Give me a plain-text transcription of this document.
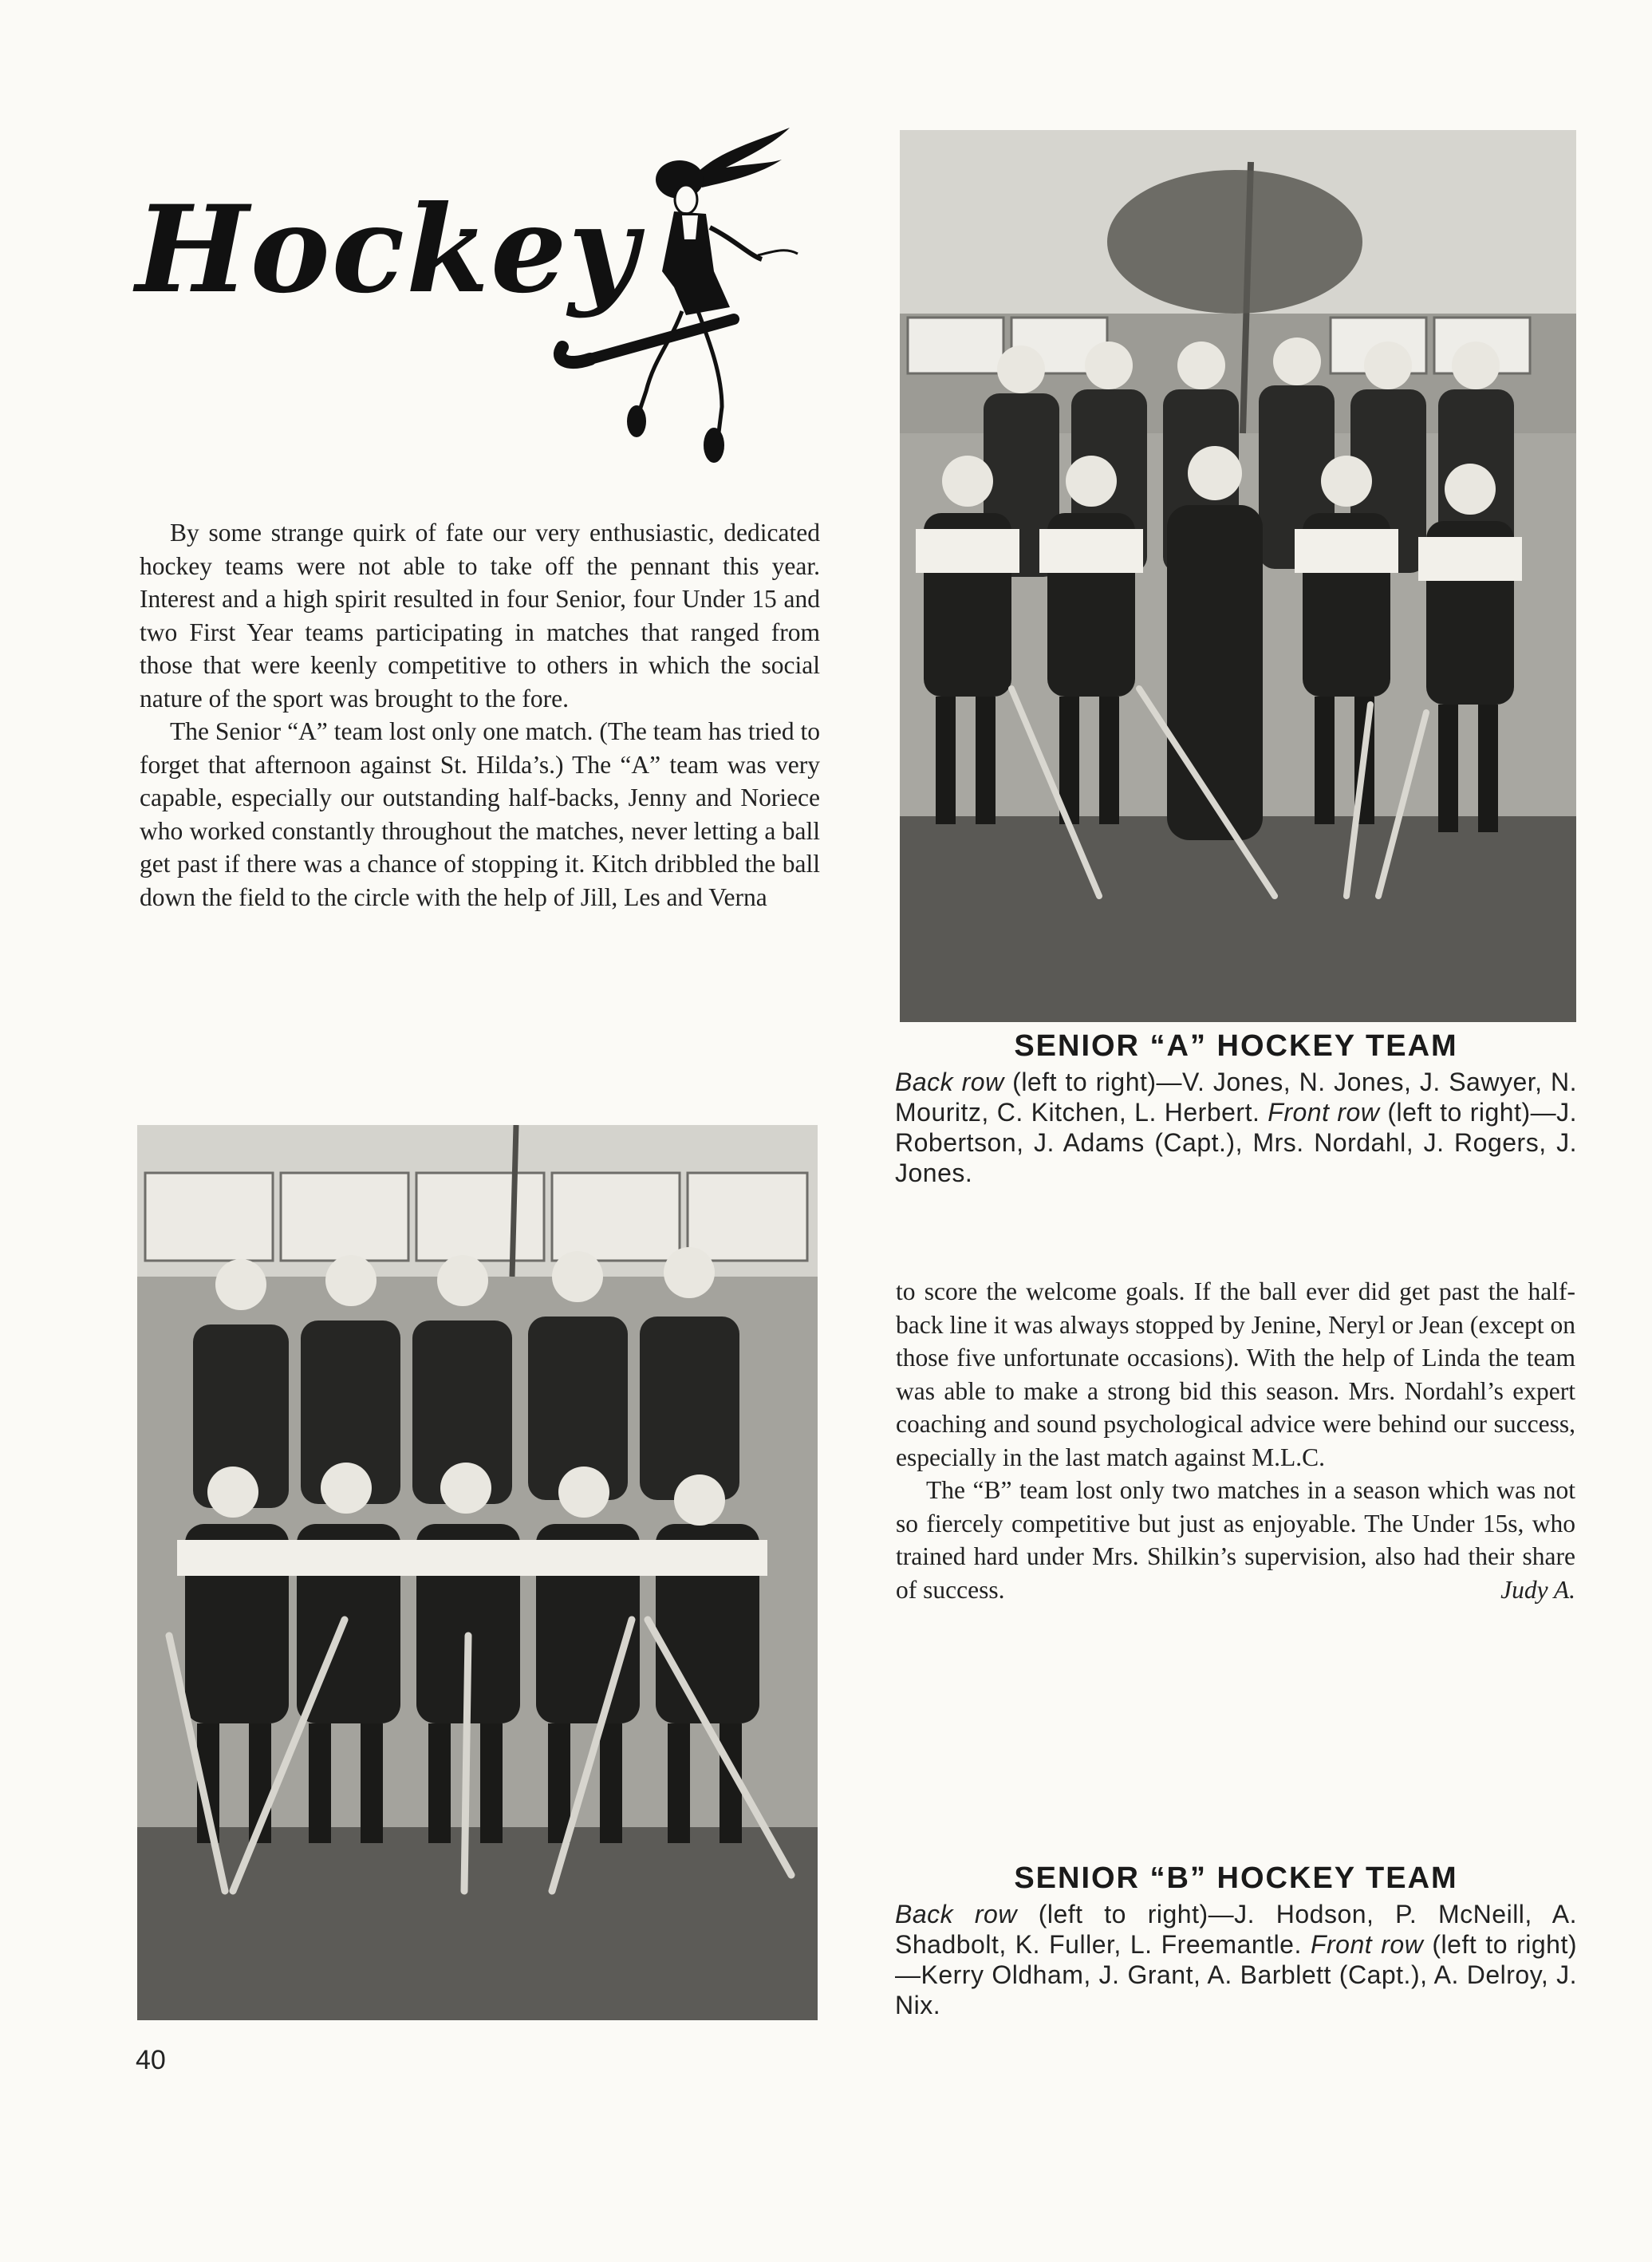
Hockey

By some strange quirk of fate our very enthusiastic, dedicated hockey teams were not able to take off the pennant this year. Interest and a high spirit resulted in four Senior, four Under 15 and two First Year teams participating in matches that ranged from those that were keenly competitive to others in which the social nature of the sport was brought to the fore.

The Senior “A” team lost only one match. (The team has tried to forget that afternoon against St. Hilda’s.) The “A” team was very capable, especially our outstanding half-backs, Jenny and Noriece who worked constantly throughout the matches, never letting a ball get past if there was a chance of stopping it. Kitch dribbled the ball down the field to the circle with the help of Jill, Les and Verna

SENIOR “A” HOCKEY TEAM
Back row (left to right)—V. Jones, N. Jones, J. Sawyer, N. Mouritz, C. Kitchen, L. Herbert. Front row (left to right)—J. Robertson, J. Adams (Capt.), Mrs. Nordahl, J. Rogers, J. Jones.

to score the welcome goals. If the ball ever did get past the half-back line it was always stopped by Jenine, Neryl or Jean (except on those five unfortunate occasions). With the help of Linda the team was able to make a strong bid this season. Mrs. Nordahl’s expert coaching and sound psychological advice were behind our success, especially in the last match against M.L.C.

The “B” team lost only two matches in a season which was not so fiercely competitive but just as enjoyable. The Under 15s, who trained hard under Mrs. Shilkin’s supervision, also had their share of success.	Judy A.
SENIOR “B” HOCKEY TEAM
Back row (left to right)—J. Hodson, P. McNeill, A. Shadbolt, K. Fuller, L. Freemantle. Front row (left to right)—Kerry Oldham, J. Grant, A. Barblett (Capt.), A. Delroy, J. Nix.
40
